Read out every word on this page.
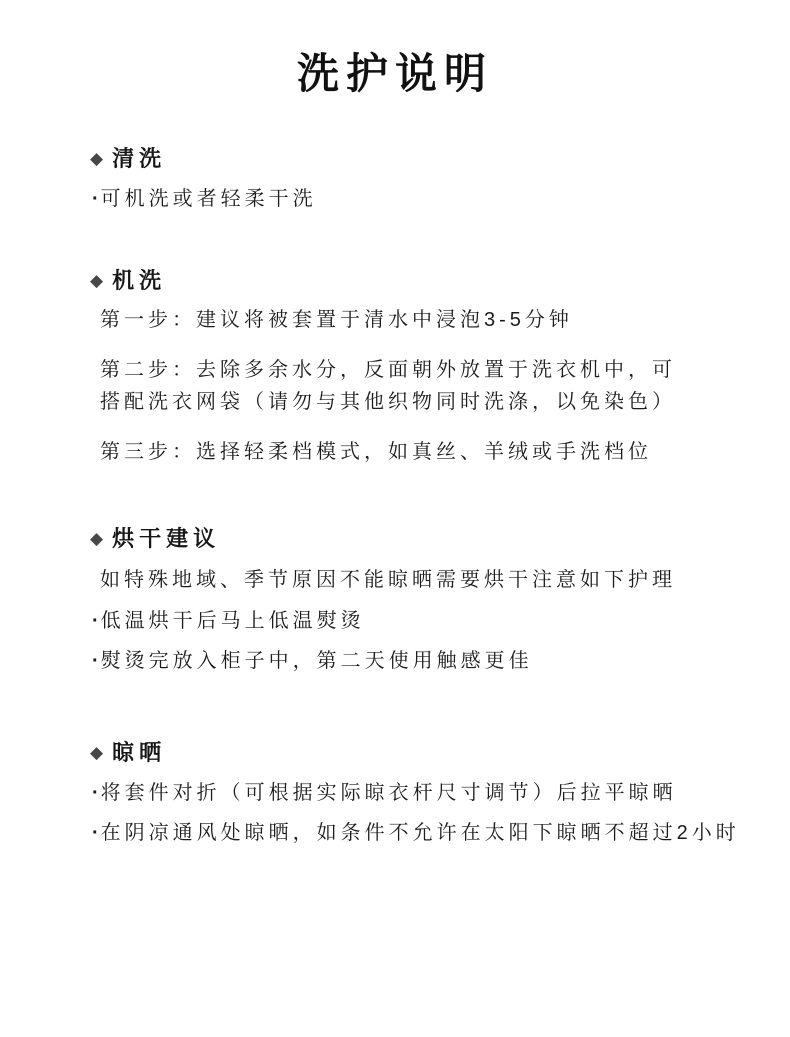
洗护说明
◆ 清洗
· 可机洗或者轻柔干洗
◆ 机洗
第一步：建议将被套置于清水中浸泡3-5分钟
第二步：去除多余水分，反面朝外放置于洗衣机中，可
搭配洗衣网袋（请勿与其他织物同时洗涤，以免染色）
第三步：选择轻柔档模式，如真丝、羊绒或手洗档位
◆ 烘干建议
如特殊地域、季节原因不能晾晒需要烘干注意如下护理
· 低温烘干后马上低温熨烫
· 熨烫完放入柜子中，第二天使用触感更佳
◆ 晾晒
· 将套件对折（可根据实际晾衣杆尺寸调节）后拉平晾晒
· 在阴凉通风处晾晒，如条件不允许在太阳下晾晒不超过2小时
